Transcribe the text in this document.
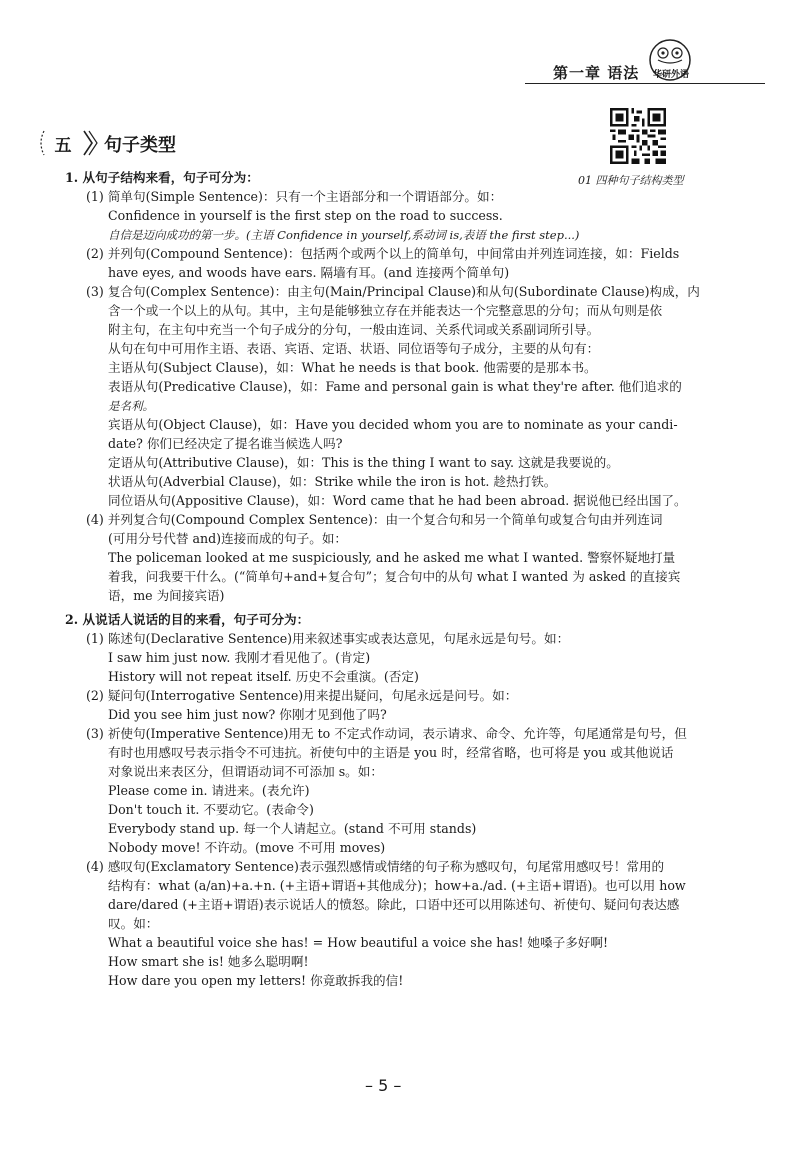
第一章 语法	华研外语
01 四种句子结构类型
五	句子类型
1. 从句子结构来看，句子可分为：
(1) 简单句(Simple Sentence)：只有一个主语部分和一个谓语部分。如：
Confidence in yourself is the first step on the road to success.
自信是迈向成功的第一步。(主语 Confidence in yourself,系动词 is,表语 the first step...)
(2) 并列句(Compound Sentence)：包括两个或两个以上的简单句，中间常由并列连词连接，如：Fields
have eyes, and woods have ears. 隔墙有耳。(and 连接两个简单句)
(3) 复合句(Complex Sentence)：由主句(Main/Principal Clause)和从句(Subordinate Clause)构成，内
含一个或一个以上的从句。其中，主句是能够独立存在并能表达一个完整意思的分句；而从句则是依
附主句，在主句中充当一个句子成分的分句，一般由连词、关系代词或关系副词所引导。
从句在句中可用作主语、表语、宾语、定语、状语、同位语等句子成分，主要的从句有：
主语从句(Subject Clause)，如：What he needs is that book. 他需要的是那本书。
表语从句(Predicative Clause)，如：Fame and personal gain is what they're after. 他们追求的
是名利。
宾语从句(Object Clause)，如：Have you decided whom you are to nominate as your candi-
date? 你们已经决定了提名谁当候选人吗?
定语从句(Attributive Clause)，如：This is the thing I want to say. 这就是我要说的。
状语从句(Adverbial Clause)，如：Strike while the iron is hot. 趁热打铁。
同位语从句(Appositive Clause)，如：Word came that he had been abroad. 据说他已经出国了。
(4) 并列复合句(Compound Complex Sentence)：由一个复合句和另一个简单句或复合句由并列连词
(可用分号代替 and)连接而成的句子。如：
The policeman looked at me suspiciously, and he asked me what I wanted. 警察怀疑地打量
着我，问我要干什么。(“简单句+and+复合句”；复合句中的从句 what I wanted 为 asked 的直接宾
语，me 为间接宾语)
2. 从说话人说话的目的来看，句子可分为：
(1) 陈述句(Declarative Sentence)用来叙述事实或表达意见，句尾永远是句号。如：
I saw him just now. 我刚才看见他了。(肯定)
History will not repeat itself. 历史不会重演。(否定)
(2) 疑问句(Interrogative Sentence)用来提出疑问，句尾永远是问号。如：
Did you see him just now? 你刚才见到他了吗?
(3) 祈使句(Imperative Sentence)用无 to 不定式作动词，表示请求、命令、允许等，句尾通常是句号，但
有时也用感叹号表示指令不可违抗。祈使句中的主语是 you 时，经常省略，也可将是 you 或其他说话
对象说出来表区分，但谓语动词不可添加 s。如：
Please come in. 请进来。(表允许)
Don't touch it. 不要动它。(表命令)
Everybody stand up. 每一个人请起立。(stand 不可用 stands)
Nobody move! 不许动。(move 不可用 moves)
(4) 感叹句(Exclamatory Sentence)表示强烈感情或情绪的句子称为感叹句，句尾常用感叹号！常用的
结构有：what (a/an)+a.+n. (+主语+谓语+其他成分)；how+a./ad. (+主语+谓语)。也可以用 how
dare/dared (+主语+谓语)表示说话人的愤怒。除此，口语中还可以用陈述句、祈使句、疑问句表达感
叹。如：
What a beautiful voice she has! = How beautiful a voice she has! 她嗓子多好啊!
How smart she is! 她多么聪明啊!
How dare you open my letters! 你竟敢拆我的信!
– 5 –
